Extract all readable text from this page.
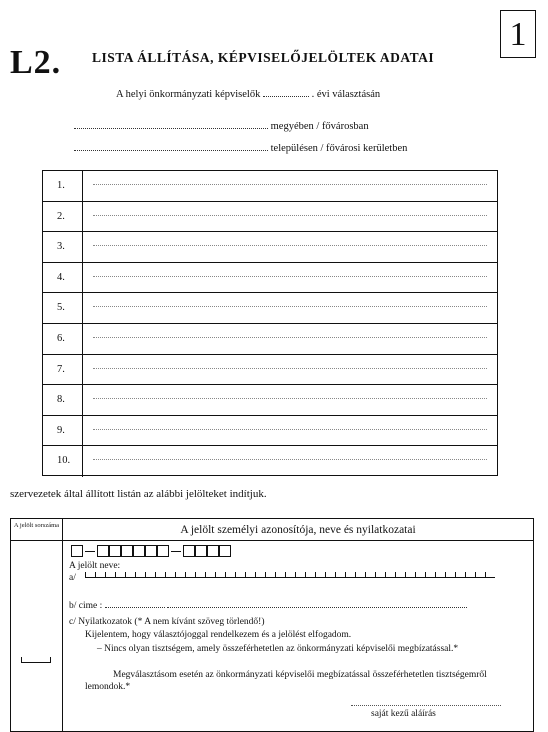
1
L2. LISTA ÁLLÍTÁSA, KÉPVISELŐJELÖLTEK ADATAI
A helyi önkormányzati képviselők	. évi választásán
megyében / fővárosban
településen / fővárosi kerületben
1.
2.
3.
4.
5.
6.
7.
8.
9.
10.
szervezetek által állított listán az alábbi jelölteket indítjuk.
A jelölt sorszáma	A jelölt személyi azonosítója, neve és nyilatkozatai
A jelölt neve:
a/
b/ cime :
c/ Nyilatkozatok (* A nem kívánt szöveg törlendő!)
Kijelentem, hogy választójoggal rendelkezem és a jelölést elfogadom.
– Nincs olyan tisztségem, amely összeférhetetlen az önkormányzati képviselői megbízatással.*
Megválasztásom esetén az önkormányzati képviselői megbízatással összeférhetetlen tisztségemről lemondok.*
saját kezű aláírás
